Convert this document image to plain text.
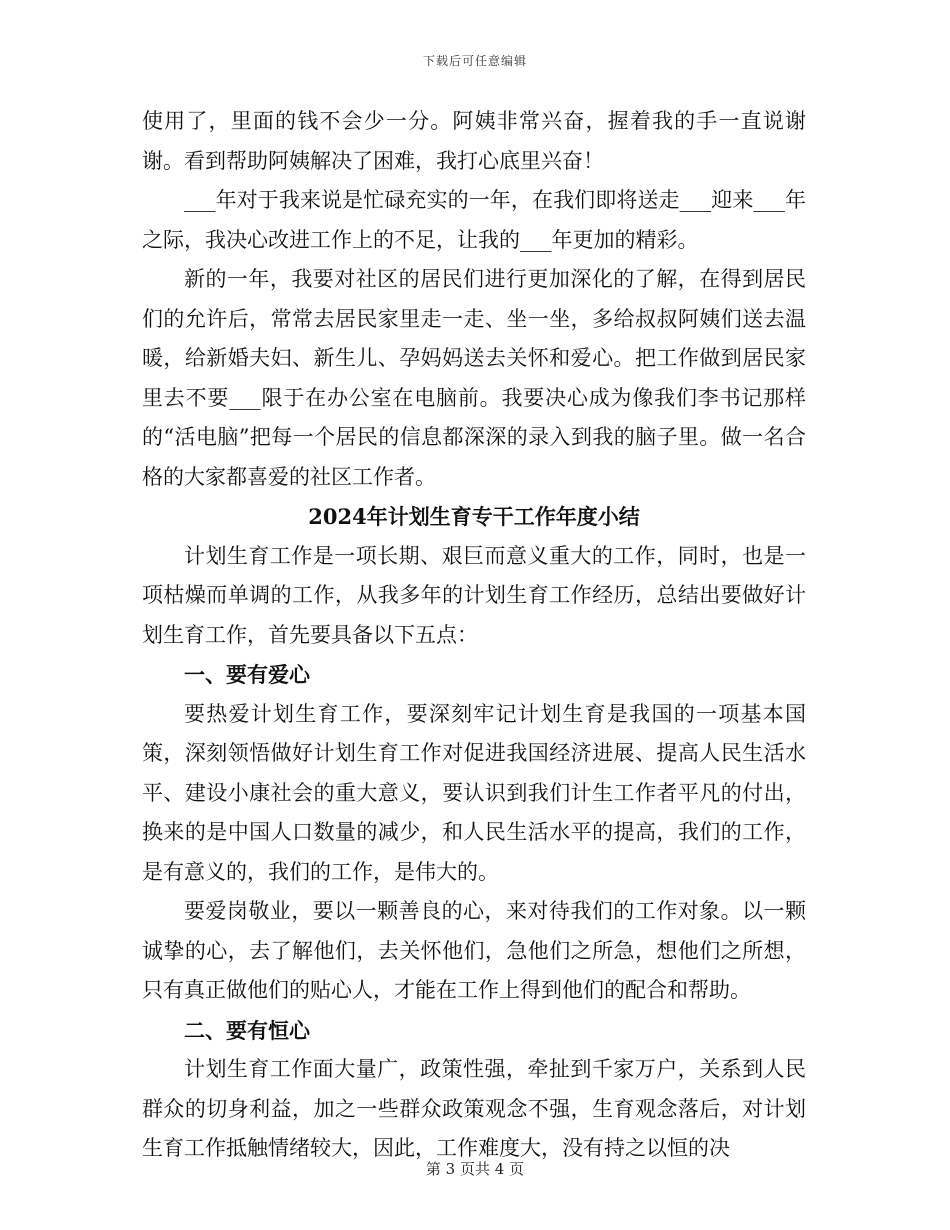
下载后可任意编辑

使用了，里面的钱不会少一分。阿姨非常兴奋，握着我的手一直说谢谢。看到帮助阿姨解决了困难，我打心底里兴奋！

___年对于我来说是忙碌充实的一年，在我们即将送走___迎来___年之际，我决心改进工作上的不足，让我的___年更加的精彩。

新的一年，我要对社区的居民们进行更加深化的了解，在得到居民们的允许后，常常去居民家里走一走、坐一坐，多给叔叔阿姨们送去温暖，给新婚夫妇、新生儿、孕妈妈送去关怀和爱心。把工作做到居民家里去不要___限于在办公室在电脑前。我要决心成为像我们李书记那样的“活电脑”把每一个居民的信息都深深的录入到我的脑子里。做一名合格的大家都喜爱的社区工作者。

2024年计划生育专干工作年度小结

计划生育工作是一项长期、艰巨而意义重大的工作，同时，也是一项枯燥而单调的工作，从我多年的计划生育工作经历，总结出要做好计划生育工作，首先要具备以下五点：

一、要有爱心

要热爱计划生育工作，要深刻牢记计划生育是我国的一项基本国策，深刻领悟做好计划生育工作对促进我国经济进展、提高人民生活水平、建设小康社会的重大意义，要认识到我们计生工作者平凡的付出，换来的是中国人口数量的减少，和人民生活水平的提高，我们的工作，是有意义的，我们的工作，是伟大的。

要爱岗敬业，要以一颗善良的心，来对待我们的工作对象。以一颗诚挚的心，去了解他们，去关怀他们，急他们之所急，想他们之所想，只有真正做他们的贴心人，才能在工作上得到他们的配合和帮助。

二、要有恒心

计划生育工作面大量广，政策性强，牵扯到千家万户，关系到人民群众的切身利益，加之一些群众政策观念不强，生育观念落后，对计划生育工作抵触情绪较大，因此，工作难度大，没有持之以恒的决

第 3 页共 4 页
